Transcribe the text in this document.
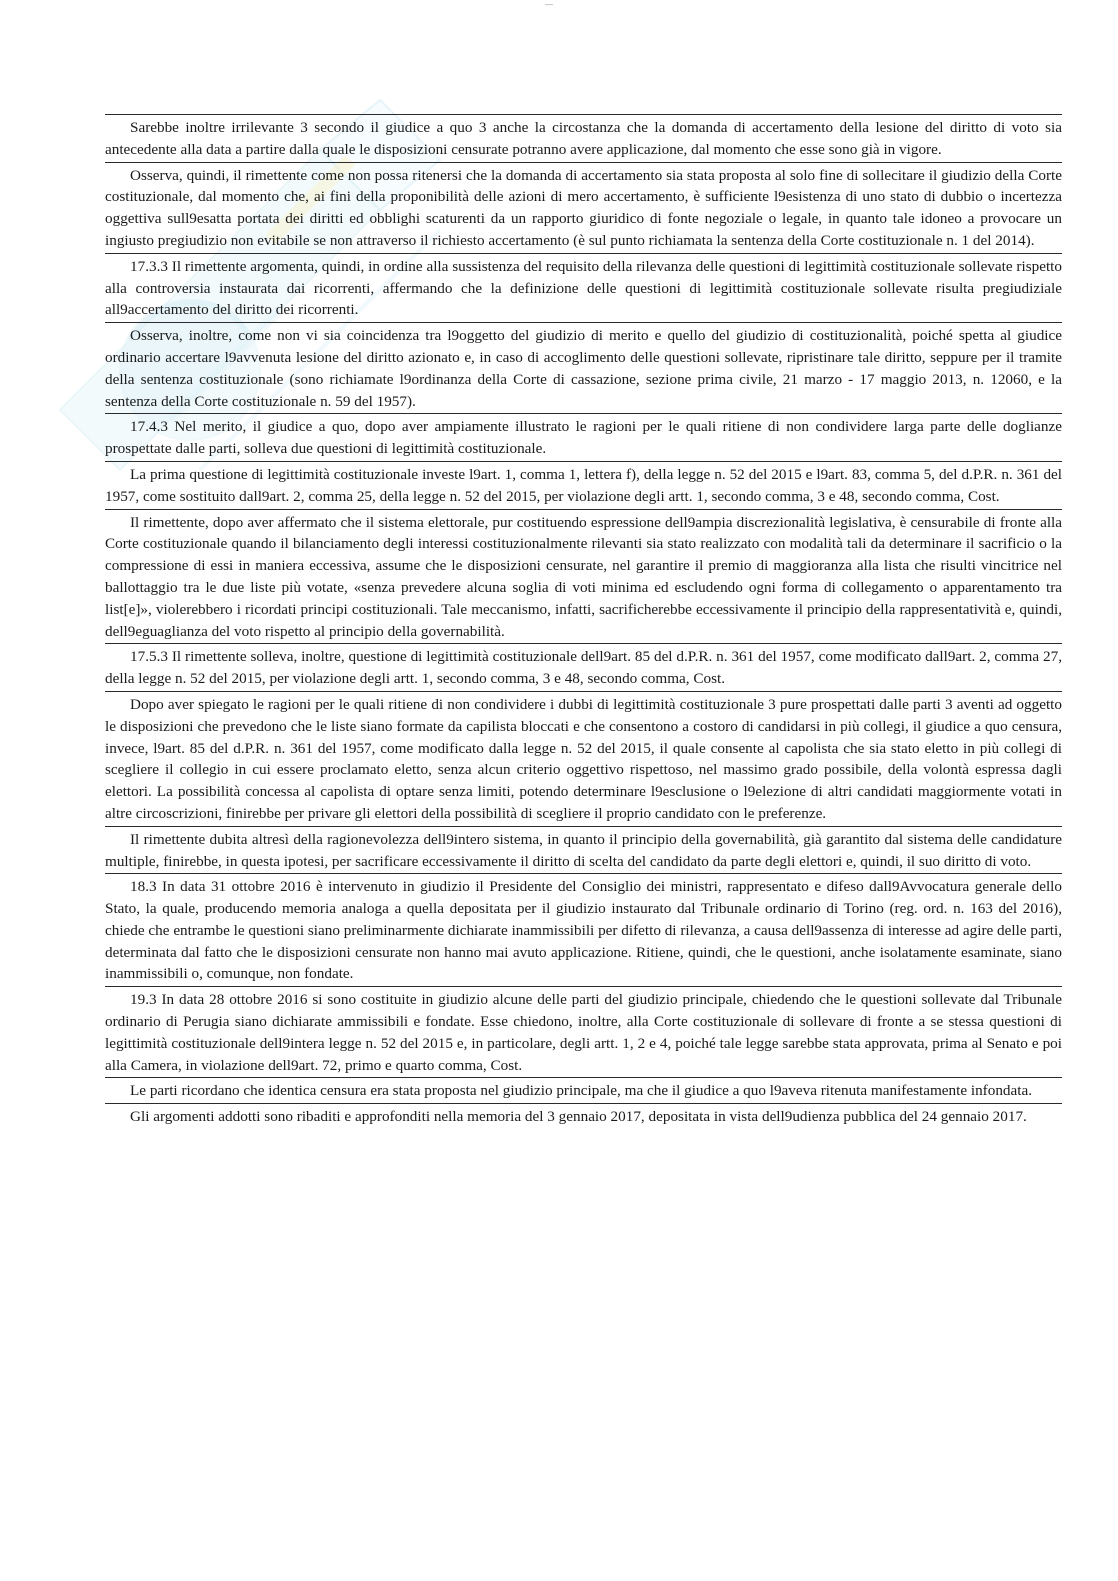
—

Sarebbe inoltre irrilevante 3 secondo il giudice a quo 3 anche la circostanza che la domanda di accertamento della lesione del diritto di voto sia antecedente alla data a partire dalla quale le disposizioni censurate potranno avere applicazione, dal momento che esse sono già in vigore.

Osserva, quindi, il rimettente come non possa ritenersi che la domanda di accertamento sia stata proposta al solo fine di sollecitare il giudizio della Corte costituzionale, dal momento che, ai fini della proponibilità delle azioni di mero accertamento, è sufficiente l9esistenza di uno stato di dubbio o incertezza oggettiva sull9esatta portata dei diritti ed obblighi scaturenti da un rapporto giuridico di fonte negoziale o legale, in quanto tale idoneo a provocare un ingiusto pregiudizio non evitabile se non attraverso il richiesto accertamento (è sul punto richiamata la sentenza della Corte costituzionale n. 1 del 2014).

17.3.3 Il rimettente argomenta, quindi, in ordine alla sussistenza del requisito della rilevanza delle questioni di legittimità costituzionale sollevate rispetto alla controversia instaurata dai ricorrenti, affermando che la definizione delle questioni di legittimità costituzionale sollevate risulta pregiudiziale all9accertamento del diritto dei ricorrenti.

Osserva, inoltre, come non vi sia coincidenza tra l9oggetto del giudizio di merito e quello del giudizio di costituzionalità, poiché spetta al giudice ordinario accertare l9avvenuta lesione del diritto azionato e, in caso di accoglimento delle questioni sollevate, ripristinare tale diritto, seppure per il tramite della sentenza costituzionale (sono richiamate l9ordinanza della Corte di cassazione, sezione prima civile, 21 marzo - 17 maggio 2013, n. 12060, e la sentenza della Corte costituzionale n. 59 del 1957).

17.4.3 Nel merito, il giudice a quo, dopo aver ampiamente illustrato le ragioni per le quali ritiene di non condividere larga parte delle doglianze prospettate dalle parti, solleva due questioni di legittimità costituzionale.

La prima questione di legittimità costituzionale investe l9art. 1, comma 1, lettera f), della legge n. 52 del 2015 e l9art. 83, comma 5, del d.P.R. n. 361 del 1957, come sostituito dall9art. 2, comma 25, della legge n. 52 del 2015, per violazione degli artt. 1, secondo comma, 3 e 48, secondo comma, Cost.

Il rimettente, dopo aver affermato che il sistema elettorale, pur costituendo espressione dell9ampia discrezionalità legislativa, è censurabile di fronte alla Corte costituzionale quando il bilanciamento degli interessi costituzionalmente rilevanti sia stato realizzato con modalità tali da determinare il sacrificio o la compressione di essi in maniera eccessiva, assume che le disposizioni censurate, nel garantire il premio di maggioranza alla lista che risulti vincitrice nel ballottaggio tra le due liste più votate, «senza prevedere alcuna soglia di voti minima ed escludendo ogni forma di collegamento o apparentamento tra list[e]», violerebbero i ricordati principi costituzionali. Tale meccanismo, infatti, sacrificherebbe eccessivamente il principio della rappresentatività e, quindi, dell9eguaglianza del voto rispetto al principio della governabilità.

17.5.3 Il rimettente solleva, inoltre, questione di legittimità costituzionale dell9art. 85 del d.P.R. n. 361 del 1957, come modificato dall9art. 2, comma 27, della legge n. 52 del 2015, per violazione degli artt. 1, secondo comma, 3 e 48, secondo comma, Cost.

Dopo aver spiegato le ragioni per le quali ritiene di non condividere i dubbi di legittimità costituzionale 3 pure prospettati dalle parti 3 aventi ad oggetto le disposizioni che prevedono che le liste siano formate da capilista bloccati e che consentono a costoro di candidarsi in più collegi, il giudice a quo censura, invece, l9art. 85 del d.P.R. n. 361 del 1957, come modificato dalla legge n. 52 del 2015, il quale consente al capolista che sia stato eletto in più collegi di scegliere il collegio in cui essere proclamato eletto, senza alcun criterio oggettivo rispettoso, nel massimo grado possibile, della volontà espressa dagli elettori. La possibilità concessa al capolista di optare senza limiti, potendo determinare l9esclusione o l9elezione di altri candidati maggiormente votati in altre circoscrizioni, finirebbe per privare gli elettori della possibilità di scegliere il proprio candidato con le preferenze.

Il rimettente dubita altresì della ragionevolezza dell9intero sistema, in quanto il principio della governabilità, già garantito dal sistema delle candidature multiple, finirebbe, in questa ipotesi, per sacrificare eccessivamente il diritto di scelta del candidato da parte degli elettori e, quindi, il suo diritto di voto.

18.3 In data 31 ottobre 2016 è intervenuto in giudizio il Presidente del Consiglio dei ministri, rappresentato e difeso dall9Avvocatura generale dello Stato, la quale, producendo memoria analoga a quella depositata per il giudizio instaurato dal Tribunale ordinario di Torino (reg. ord. n. 163 del 2016), chiede che entrambe le questioni siano preliminarmente dichiarate inammissibili per difetto di rilevanza, a causa dell9assenza di interesse ad agire delle parti, determinata dal fatto che le disposizioni censurate non hanno mai avuto applicazione. Ritiene, quindi, che le questioni, anche isolatamente esaminate, siano inammissibili o, comunque, non fondate.

19.3 In data 28 ottobre 2016 si sono costituite in giudizio alcune delle parti del giudizio principale, chiedendo che le questioni sollevate dal Tribunale ordinario di Perugia siano dichiarate ammissibili e fondate. Esse chiedono, inoltre, alla Corte costituzionale di sollevare di fronte a se stessa questioni di legittimità costituzionale dell9intera legge n. 52 del 2015 e, in particolare, degli artt. 1, 2 e 4, poiché tale legge sarebbe stata approvata, prima al Senato e poi alla Camera, in violazione dell9art. 72, primo e quarto comma, Cost.

Le parti ricordano che identica censura era stata proposta nel giudizio principale, ma che il giudice a quo l9aveva ritenuta manifestamente infondata.

Gli argomenti addotti sono ribaditi e approfonditi nella memoria del 3 gennaio 2017, depositata in vista dell9udienza pubblica del 24 gennaio 2017.
